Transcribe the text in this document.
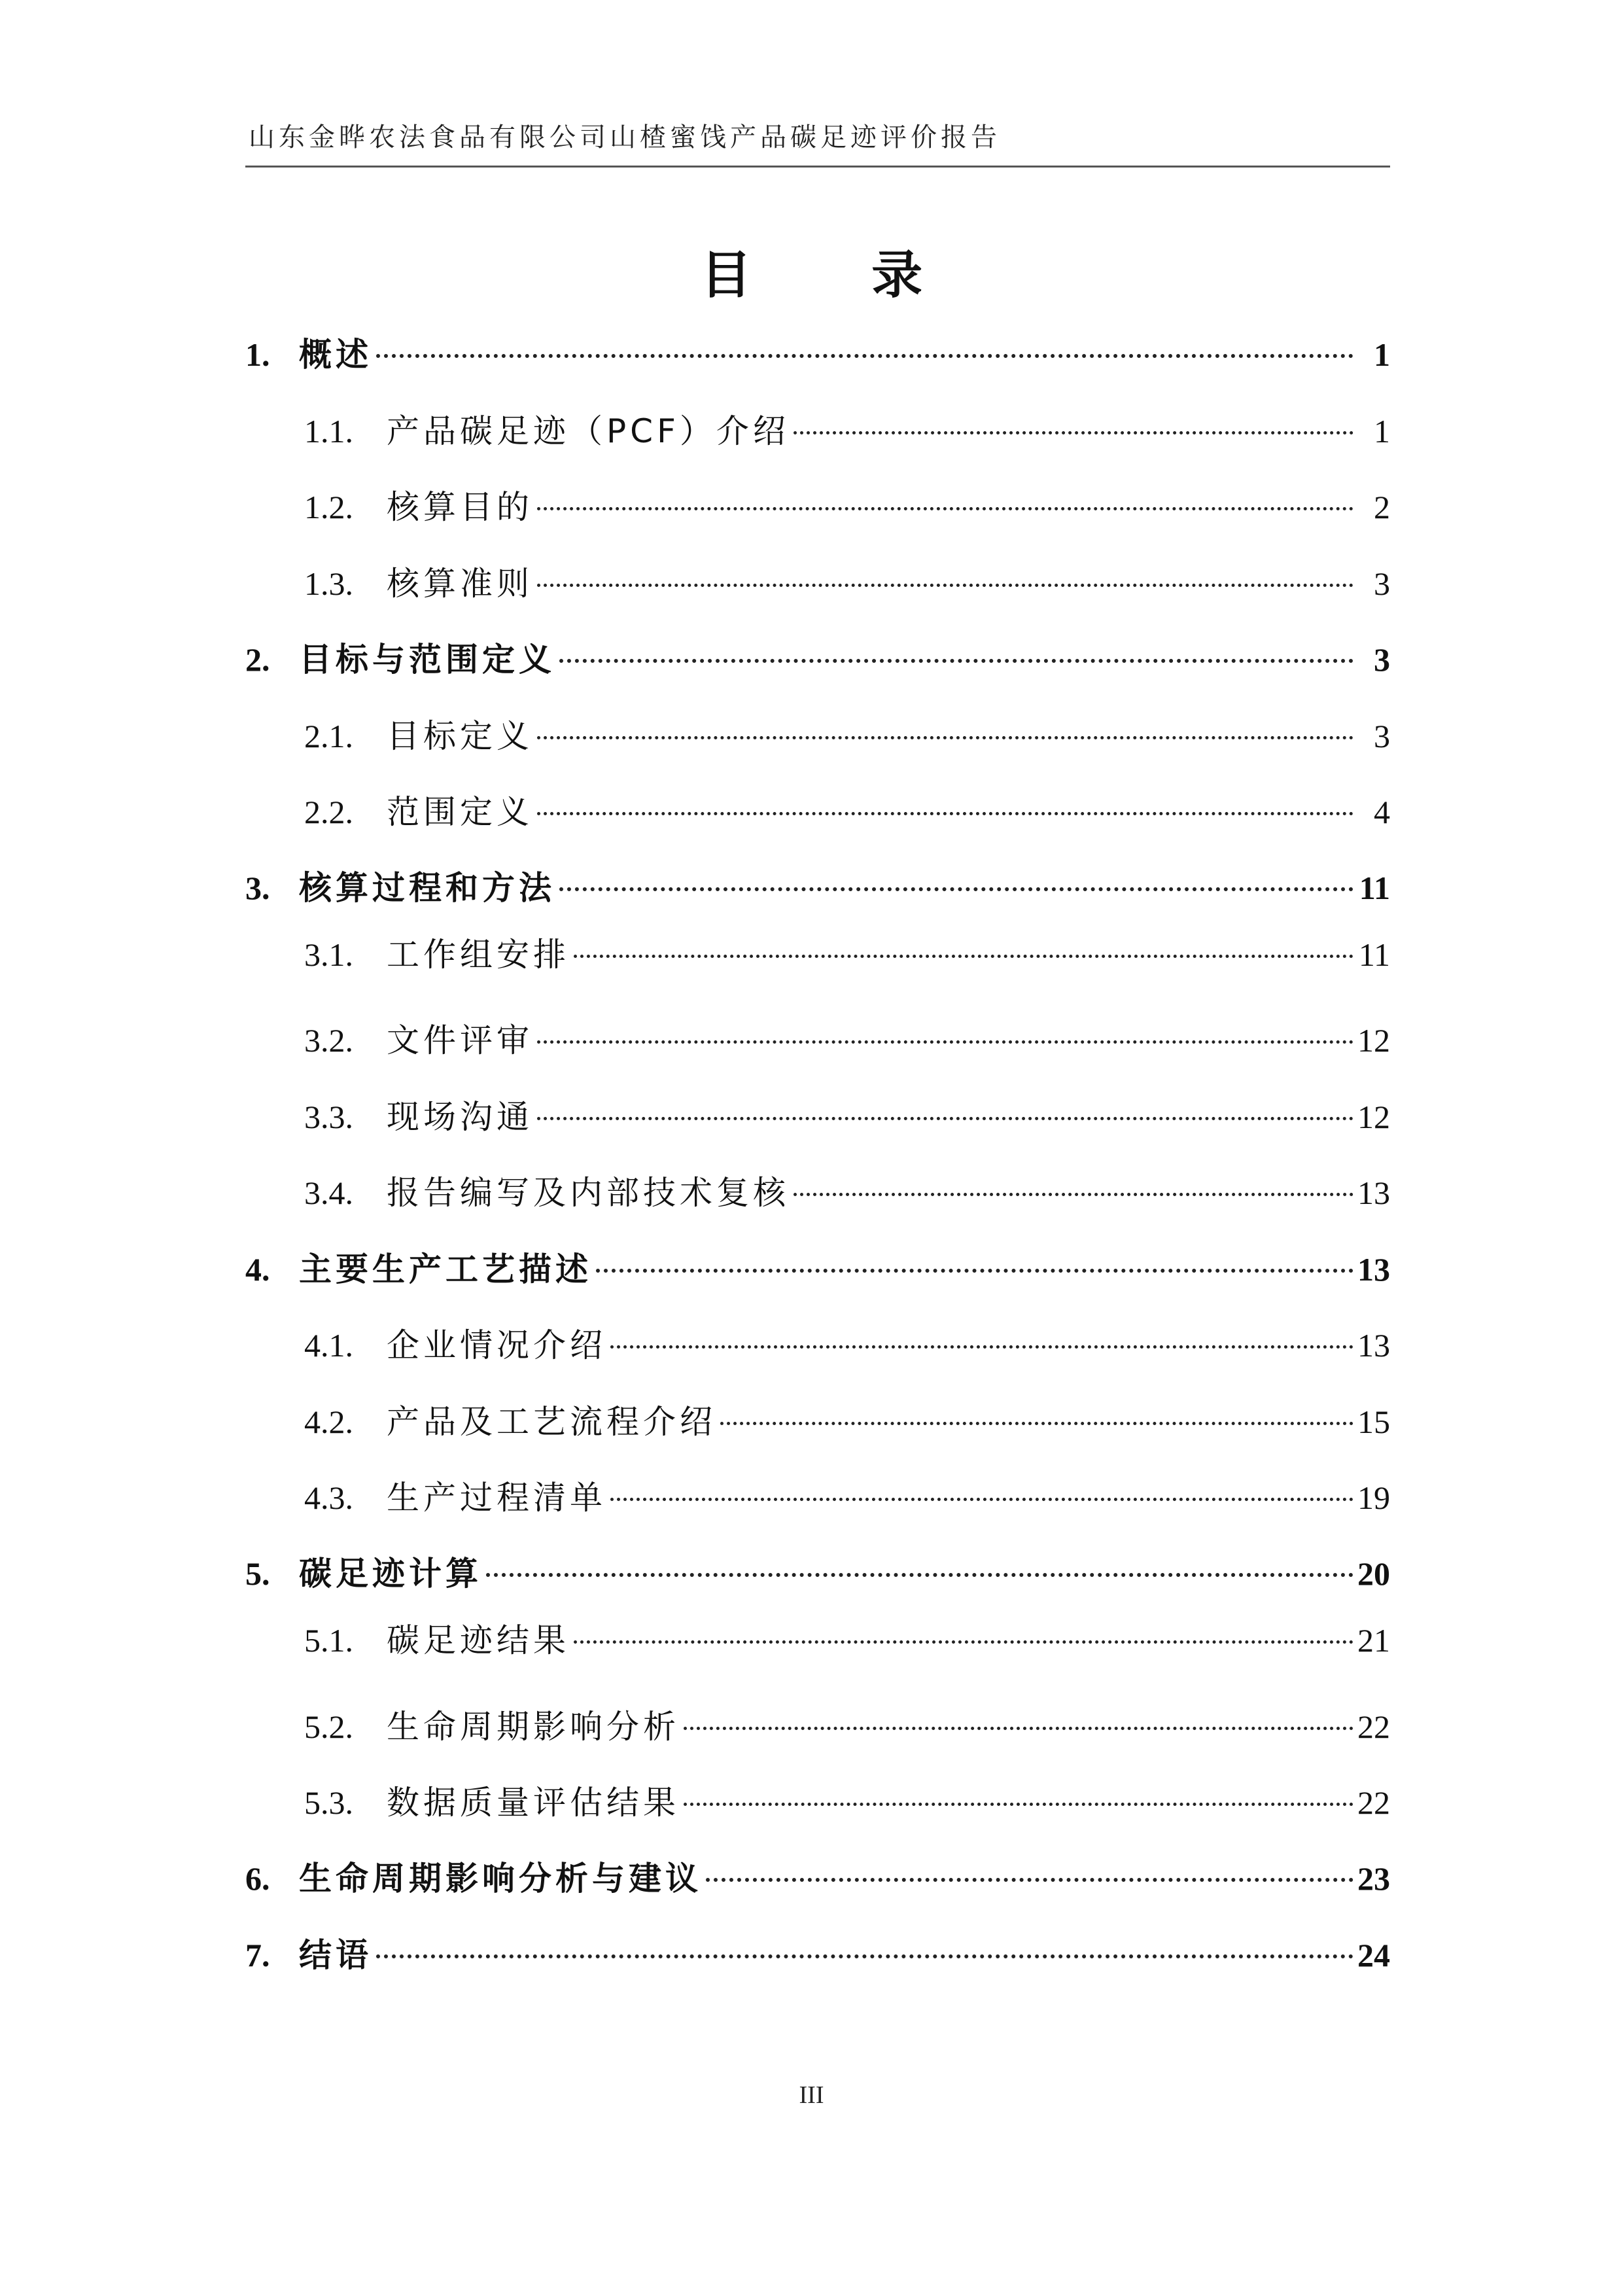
山东金晔农法食品有限公司山楂蜜饯产品碳足迹评价报告
目 录
1. 概述	1
1.1.	产品碳足迹（PCF）介绍	1
1.2.	核算目的	2
1.3.	核算准则	3
2. 目标与范围定义	3
2.1.	目标定义	3
2.2.	范围定义	4
3. 核算过程和方法	11
3.1.	工作组安排	11
3.2.	文件评审	12
3.3.	现场沟通	12
3.4.	报告编写及内部技术复核	13
4. 主要生产工艺描述	13
4.1.	企业情况介绍	13
4.2.	产品及工艺流程介绍	15
4.3.	生产过程清单	19
5. 碳足迹计算	20
5.1.	碳足迹结果	21
5.2.	生命周期影响分析	22
5.3.	数据质量评估结果	22
6. 生命周期影响分析与建议	23
7. 结语	24
III
